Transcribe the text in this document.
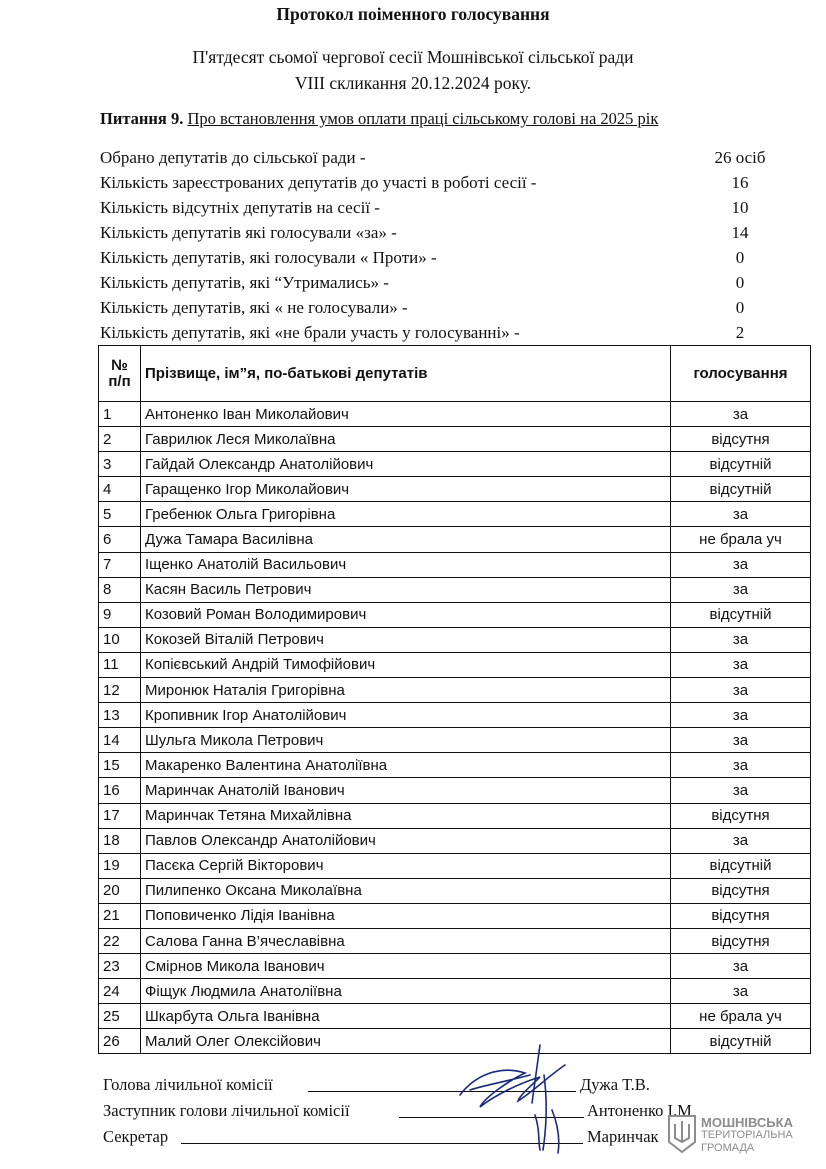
Протокол поіменного голосування
П'ятдесят сьомої чергової сесії Мошнівської сільської ради
VIII скликання 20.12.2024 року.
Питання 9. Про встановлення умов оплати праці сільському голові на 2025 рік
Обрано депутатів до сільської ради -	26 осіб
Кількість зареєстрованих депутатів до участі в роботі сесії -	16
Кількість відсутніх депутатів на сесії -	10
Кількість депутатів які голосували «за» -	14
Кількість депутатів, які голосували « Проти» -	0
Кількість депутатів, які “Утримались» -	0
Кількість депутатів, які « не голосували» -	0
Кількість депутатів, які «не брали участь у голосуванні» -	2
№
п/п	Прізвище, ім”я, по-батькові депутатів	голосування
1	Антоненко Іван Миколайович	за
2	Гаврилюк Леся Миколаївна	відсутня
3	Гайдай Олександр Анатолійович	відсутній
4	Гаращенко Ігор Миколайович	відсутній
5	Гребенюк Ольга Григорівна	за
6	Дужа Тамара Василівна	не брала уч
7	Іщенко Анатолій Васильович	за
8	Касян Василь Петрович	за
9	Козовий Роман Володимирович	відсутній
10	Кокозей Віталій Петрович	за
11	Копієвський Андрій Тимофійович	за
12	Миронюк Наталія Григорівна	за
13	Кропивник Ігор Анатолійович	за
14	Шульга Микола Петрович	за
15	Макаренко Валентина Анатоліївна	за
16	Маринчак Анатолій Іванович	за
17	Маринчак Тетяна Михайлівна	відсутня
18	Павлов Олександр Анатолійович	за
19	Пасєка Сергій Вікторович	відсутній
20	Пилипенко Оксана Миколаївна	відсутня
21	Поповиченко Лідія Іванівна	відсутня
22	Салова Ганна В’ячеславівна	відсутня
23	Смірнов Микола Іванович	за
24	Фіщук Людмила Анатоліївна	за
25	Шкарбута Ольга Іванівна	не брала уч
26	Малий Олег Олексійович	відсутній
Голова лічильної комісії	Дужа Т.В.
Заступник голови лічильної комісії	Антоненко І.М
Секретар	Маринчак
МОШНІВСЬКА
ТЕРИТОРІАЛЬНА
ГРОМАДА
